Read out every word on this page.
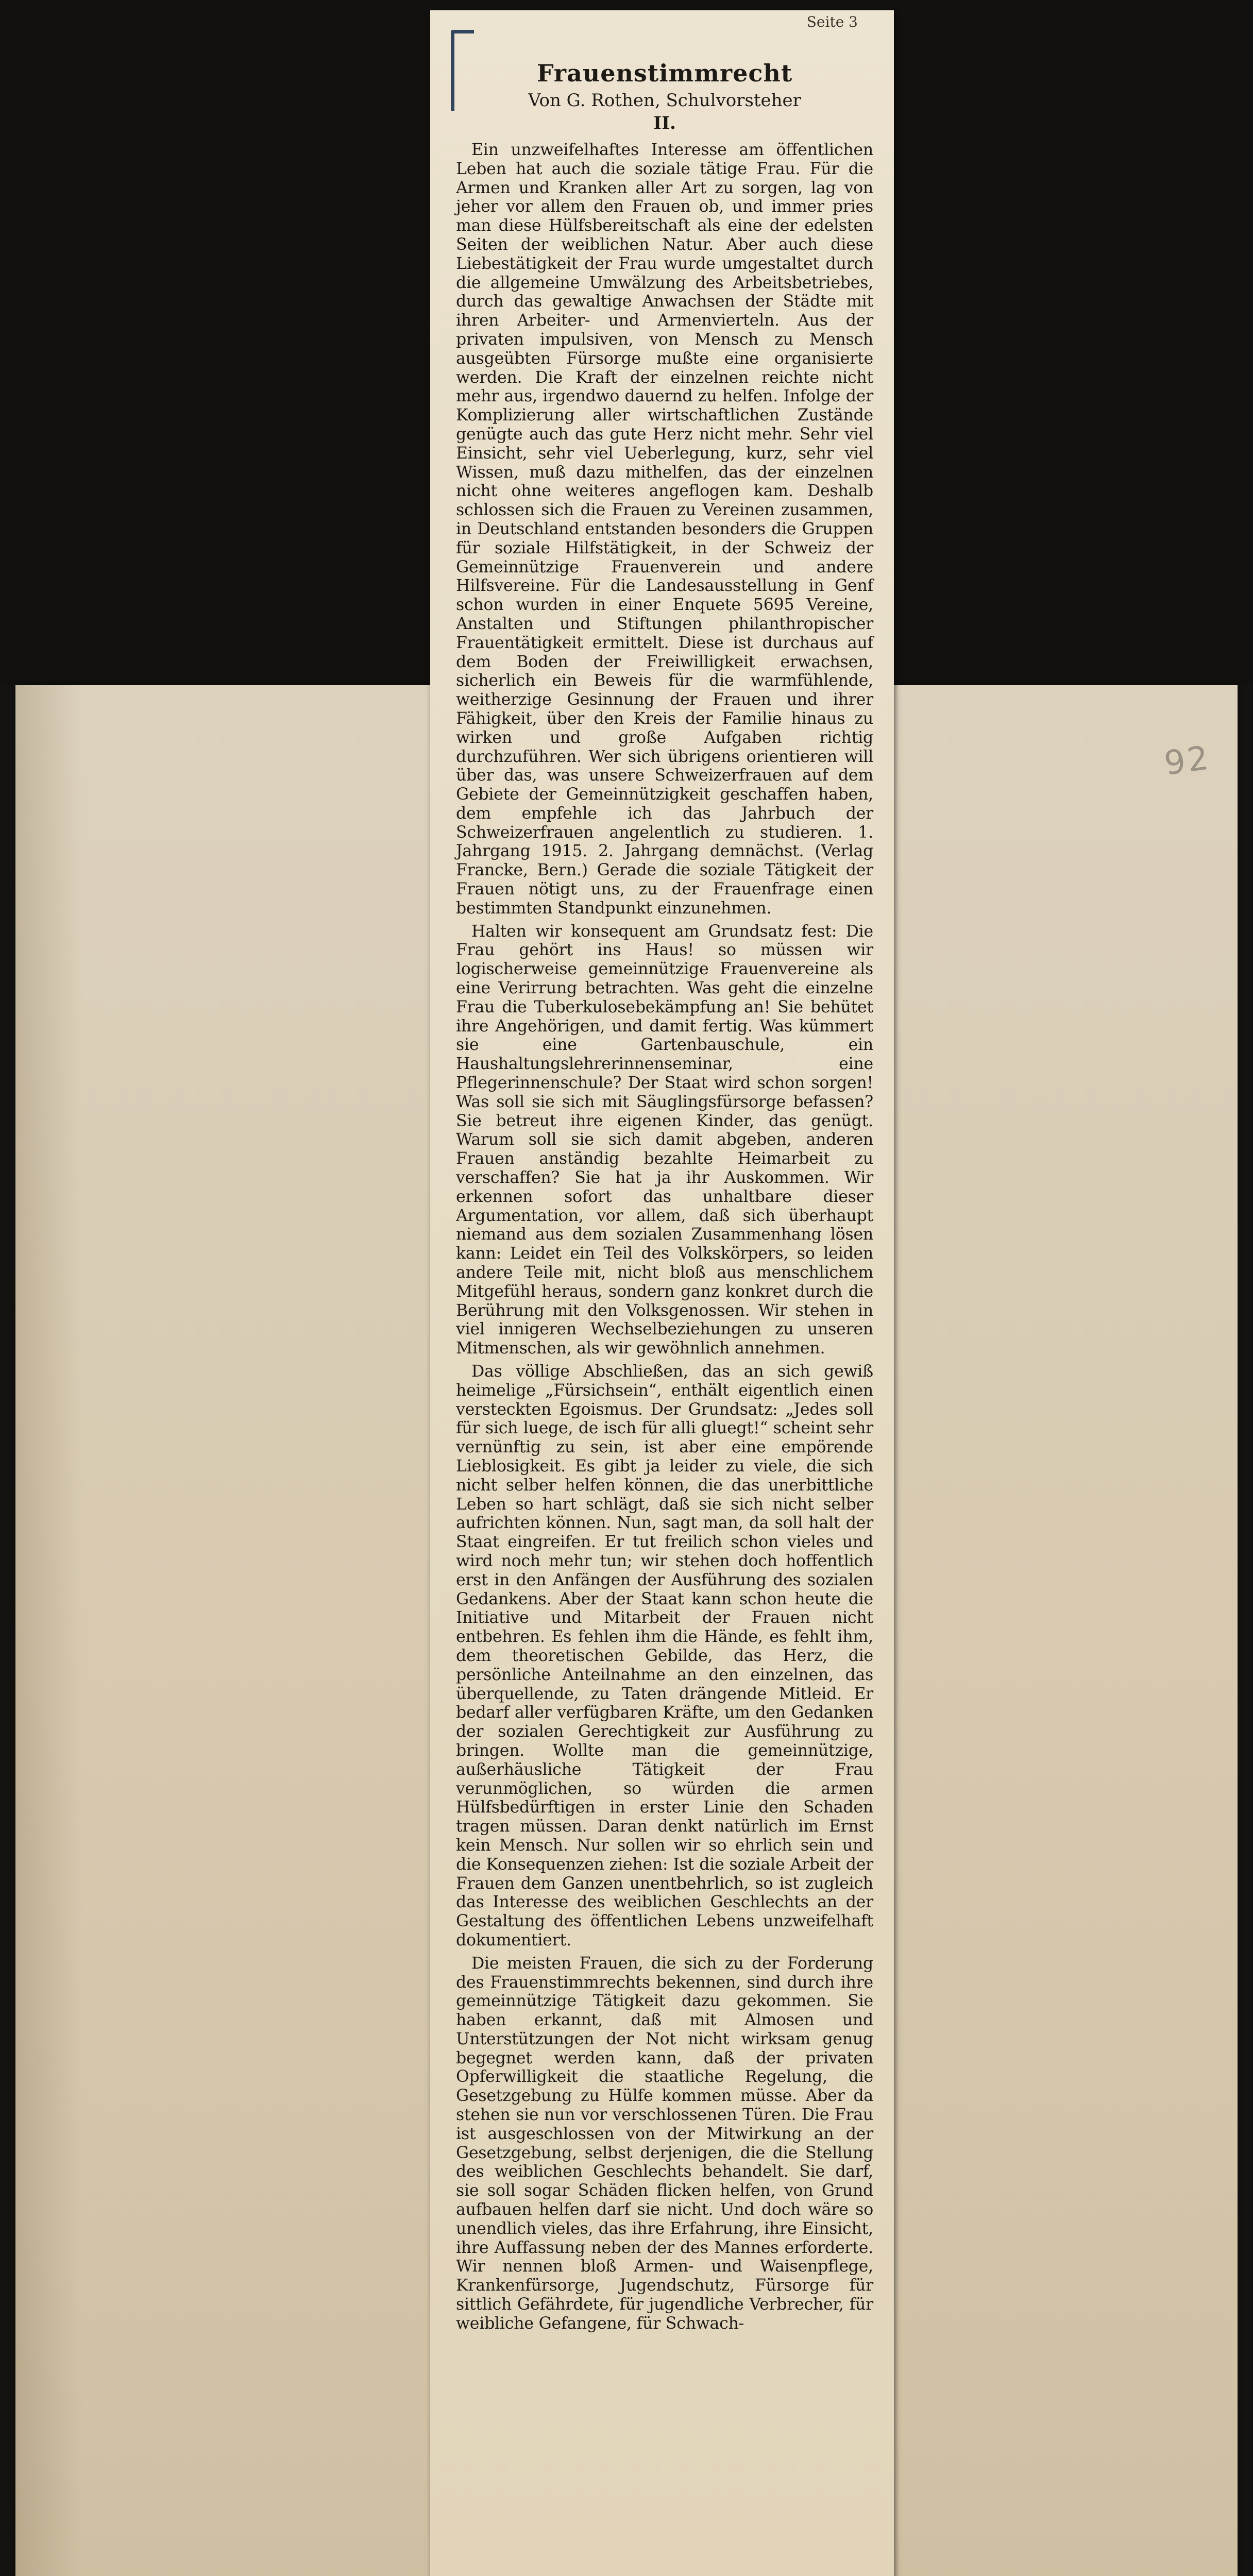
92
Seite 3
Frauenstimmrecht
Von G. Rothen, Schulvorsteher
II.

Ein unzweifelhaftes Interesse am öffentlichen Leben hat auch die soziale tätige Frau. Für die Armen und Kranken aller Art zu sorgen, lag von jeher vor allem den Frauen ob, und immer pries man diese Hülfsbereitschaft als eine der edelsten Seiten der weiblichen Natur. Aber auch diese Liebestätigkeit der Frau wurde umgestaltet durch die allgemeine Umwälzung des Arbeitsbetriebes, durch das gewaltige Anwachsen der Städte mit ihren Arbeiter- und Armenvierteln. Aus der privaten impulsiven, von Mensch zu Mensch ausgeübten Fürsorge mußte eine organisierte werden. Die Kraft der einzelnen reichte nicht mehr aus, irgendwo dauernd zu helfen. Infolge der Komplizierung aller wirtschaftlichen Zustände genügte auch das gute Herz nicht mehr. Sehr viel Einsicht, sehr viel Ueberlegung, kurz, sehr viel Wissen, muß dazu mithelfen, das der einzelnen nicht ohne weiteres angeflogen kam. Deshalb schlossen sich die Frauen zu Vereinen zusammen, in Deutschland entstanden besonders die Gruppen für soziale Hilfstätigkeit, in der Schweiz der Gemeinnützige Frauenverein und andere Hilfsvereine. Für die Landesausstellung in Genf schon wurden in einer Enquete 5695 Vereine, Anstalten und Stiftungen philanthropischer Frauentätigkeit ermittelt. Diese ist durchaus auf dem Boden der Freiwilligkeit erwachsen, sicherlich ein Beweis für die warmfühlende, weitherzige Gesinnung der Frauen und ihrer Fähigkeit, über den Kreis der Familie hinaus zu wirken und große Aufgaben richtig durchzuführen. Wer sich übrigens orientieren will über das, was unsere Schweizerfrauen auf dem Gebiete der Gemeinnützigkeit geschaffen haben, dem empfehle ich das Jahrbuch der Schweizerfrauen angelentlich zu studieren. 1. Jahrgang 1915. 2. Jahrgang demnächst. (Verlag Francke, Bern.) Gerade die soziale Tätigkeit der Frauen nötigt uns, zu der Frauenfrage einen bestimmten Standpunkt einzunehmen.

Halten wir konsequent am Grundsatz fest: Die Frau gehört ins Haus! so müssen wir logischerweise gemeinnützige Frauenvereine als eine Verirrung betrachten. Was geht die einzelne Frau die Tuberkulosebekämpfung an! Sie behütet ihre Angehörigen, und damit fertig. Was kümmert sie eine Gartenbauschule, ein Haushaltungslehrerinnenseminar, eine Pflegerinnenschule? Der Staat wird schon sorgen! Was soll sie sich mit Säuglingsfürsorge befassen? Sie betreut ihre eigenen Kinder, das genügt. Warum soll sie sich damit abgeben, anderen Frauen anständig bezahlte Heimarbeit zu verschaffen? Sie hat ja ihr Auskommen. Wir erkennen sofort das unhaltbare dieser Argumentation, vor allem, daß sich überhaupt niemand aus dem sozialen Zusammenhang lösen kann: Leidet ein Teil des Volkskörpers, so leiden andere Teile mit, nicht bloß aus menschlichem Mitgefühl heraus, sondern ganz konkret durch die Berührung mit den Volksgenossen. Wir stehen in viel innigeren Wechselbeziehungen zu unseren Mitmenschen, als wir gewöhnlich annehmen.

Das völlige Abschließen, das an sich gewiß heimelige „Fürsichsein“, enthält eigentlich einen versteckten Egoismus. Der Grundsatz: „Jedes soll für sich luege, de isch für alli gluegt!“ scheint sehr vernünftig zu sein, ist aber eine empörende Lieblosigkeit. Es gibt ja leider zu viele, die sich nicht selber helfen können, die das unerbittliche Leben so hart schlägt, daß sie sich nicht selber aufrichten können. Nun, sagt man, da soll halt der Staat eingreifen. Er tut freilich schon vieles und wird noch mehr tun; wir stehen doch hoffentlich erst in den Anfängen der Ausführung des sozialen Gedankens. Aber der Staat kann schon heute die Initiative und Mitarbeit der Frauen nicht entbehren. Es fehlen ihm die Hände, es fehlt ihm, dem theoretischen Gebilde, das Herz, die persönliche Anteilnahme an den einzelnen, das überquellende, zu Taten drängende Mitleid. Er bedarf aller verfügbaren Kräfte, um den Gedanken der sozialen Gerechtigkeit zur Ausführung zu bringen. Wollte man die gemeinnützige, außerhäusliche Tätigkeit der Frau verunmöglichen, so würden die armen Hülfsbedürftigen in erster Linie den Schaden tragen müssen. Daran denkt natürlich im Ernst kein Mensch. Nur sollen wir so ehrlich sein und die Konsequenzen ziehen: Ist die soziale Arbeit der Frauen dem Ganzen unentbehrlich, so ist zugleich das Interesse des weiblichen Geschlechts an der Gestaltung des öffentlichen Lebens unzweifelhaft dokumentiert.

Die meisten Frauen, die sich zu der Forderung des Frauenstimmrechts bekennen, sind durch ihre gemeinnützige Tätigkeit dazu gekommen. Sie haben erkannt, daß mit Almosen und Unterstützungen der Not nicht wirksam genug begegnet werden kann, daß der privaten Opferwilligkeit die staatliche Regelung, die Gesetzgebung zu Hülfe kommen müsse. Aber da stehen sie nun vor verschlossenen Türen. Die Frau ist ausgeschlossen von der Mitwirkung an der Gesetzgebung, selbst derjenigen, die die Stellung des weiblichen Geschlechts behandelt. Sie darf, sie soll sogar Schäden flicken helfen, von Grund aufbauen helfen darf sie nicht. Und doch wäre so unendlich vieles, das ihre Erfahrung, ihre Einsicht, ihre Auffassung neben der des Mannes erforderte. Wir nennen bloß Armen- und Waisenpflege, Krankenfürsorge, Jugendschutz, Fürsorge für sittlich Gefährdete, für jugendliche Verbrecher, für weibliche Gefangene, für Schwach-
